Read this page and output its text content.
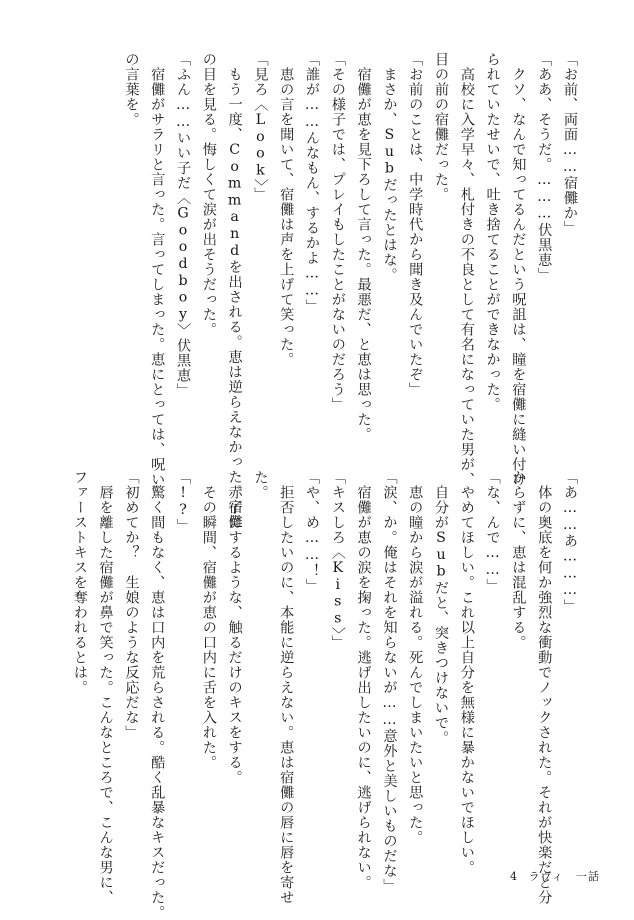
「お前、両面……宿儺か」
「ああ、そうだ。………伏黒恵」
　クソ、なんで知ってるんだという呪詛は、瞳を宿儺に縫い付け
られていたせいで、吐き捨てることができなかった。
　高校に入学早々、札付きの不良として有名になっていた男が、
目の前の宿儺だった。
「お前のことは、中学時代から聞き及んでいたぞ」
　まさか、Subだったとはな。
　宿儺が恵を見下ろして言った。最悪だ、と恵は思った。
「その様子では、プレイもしたことがないのだろう」
「誰が……んなもん、するかよ……」
　恵の言を聞いて、宿儺は声を上げて笑った。
「見ろ〈Look〉」
　もう一度、Commandを出される。恵は逆らえなかった。宿儺
の目を見る。悔しくて涙が出そうだった。
「ふん……いい子だ〈Goodboy〉伏黒恵」
　宿儺がサラリと言った。言ってしまった。恵にとっては、呪い
の言葉を。
「あ……あ………」
　体の奥底を何か強烈な衝動でノックされた。それが快楽だと分
からずに、恵は混乱する。
「な、んで……」
　やめてほしい。これ以上自分を無様に暴かないでほしい。
　自分がSubだと、突きつけないで。
　恵の瞳から涙が溢れる。死んでしまいたいと思った。
「涙、か。俺はそれを知らないが……意外と美しいものだな」
　宿儺が恵の涙を掬った。逃げ出したいのに、逃げられない。
「キスしろ〈Kiss〉」
「や、め……！」
　拒否したいのに、本能に逆らえない。恵は宿儺の唇に唇を寄せ
た。
　赤子にするような、触るだけのキスをする。
　その瞬間、宿儺が恵の口内に舌を入れた。
「!?」
　驚く間もなく、恵は口内を荒らされる。酷く乱暴なキスだった。
「初めてか？　生娘のような反応だな」
　唇を離した宿儺が鼻で笑った。こんなところで、こんな男に、
ファーストキスを奪われるとは。
4 ラヴィ　一話
